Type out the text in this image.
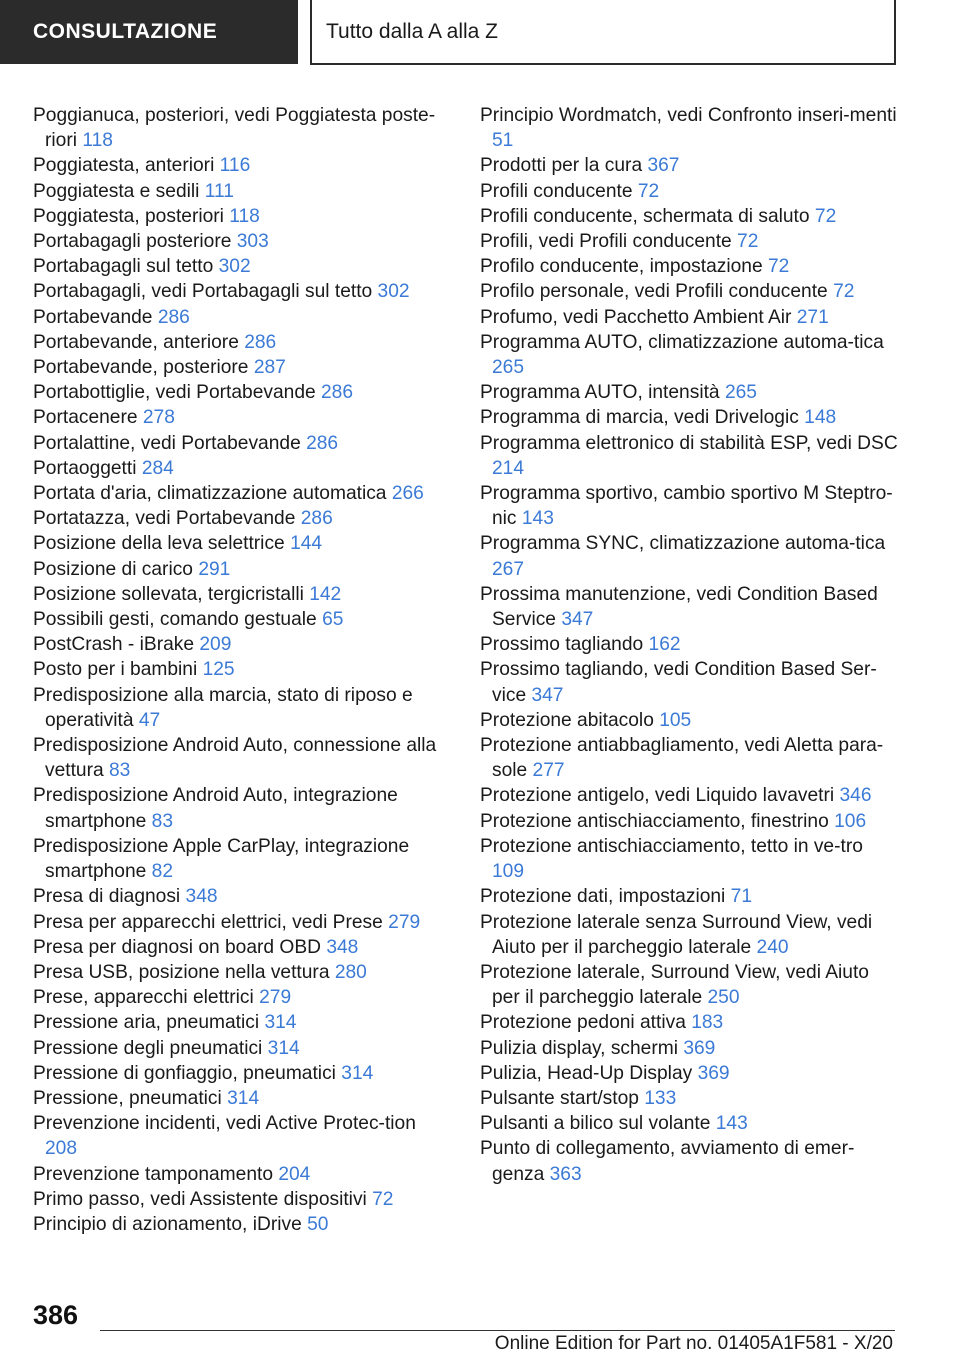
CONSULTAZIONE	Tutto dalla A alla Z
Poggianuca, posteriori, vedi Poggiatesta poste-riori 118
Poggiatesta, anteriori 116
Poggiatesta e sedili 111
Poggiatesta, posteriori 118
Portabagagli posteriore 303
Portabagagli sul tetto 302
Portabagagli, vedi Portabagagli sul tetto 302
Portabevande 286
Portabevande, anteriore 286
Portabevande, posteriore 287
Portabottiglie, vedi Portabevande 286
Portacenere 278
Portalattine, vedi Portabevande 286
Portaoggetti 284
Portata d'aria, climatizzazione automatica 266
Portatazza, vedi Portabevande 286
Posizione della leva selettrice 144
Posizione di carico 291
Posizione sollevata, tergicristalli 142
Possibili gesti, comando gestuale 65
PostCrash - iBrake 209
Posto per i bambini 125
Predisposizione alla marcia, stato di riposo e operatività 47
Predisposizione Android Auto, connessione alla vettura 83
Predisposizione Android Auto, integrazione smartphone 83
Predisposizione Apple CarPlay, integrazione smartphone 82
Presa di diagnosi 348
Presa per apparecchi elettrici, vedi Prese 279
Presa per diagnosi on board OBD 348
Presa USB, posizione nella vettura 280
Prese, apparecchi elettrici 279
Pressione aria, pneumatici 314
Pressione degli pneumatici 314
Pressione di gonfiaggio, pneumatici 314
Pressione, pneumatici 314
Prevenzione incidenti, vedi Active Protec-tion 208
Prevenzione tamponamento 204
Primo passo, vedi Assistente dispositivi 72
Principio di azionamento, iDrive 50
Principio Wordmatch, vedi Confronto inseri-menti 51
Prodotti per la cura 367
Profili conducente 72
Profili conducente, schermata di saluto 72
Profili, vedi Profili conducente 72
Profilo conducente, impostazione 72
Profilo personale, vedi Profili conducente 72
Profumo, vedi Pacchetto Ambient Air 271
Programma AUTO, climatizzazione automa-tica 265
Programma AUTO, intensità 265
Programma di marcia, vedi Drivelogic 148
Programma elettronico di stabilità ESP, vedi DSC 214
Programma sportivo, cambio sportivo M Steptro-nic 143
Programma SYNC, climatizzazione automa-tica 267
Prossima manutenzione, vedi Condition Based Service 347
Prossimo tagliando 162
Prossimo tagliando, vedi Condition Based Ser-vice 347
Protezione abitacolo 105
Protezione antiabbagliamento, vedi Aletta para-sole 277
Protezione antigelo, vedi Liquido lavavetri 346
Protezione antischiacciamento, finestrino 106
Protezione antischiacciamento, tetto in ve-tro 109
Protezione dati, impostazioni 71
Protezione laterale senza Surround View, vedi Aiuto per il parcheggio laterale 240
Protezione laterale, Surround View, vedi Aiuto per il parcheggio laterale 250
Protezione pedoni attiva 183
Pulizia display, schermi 369
Pulizia, Head-Up Display 369
Pulsante start/stop 133
Pulsanti a bilico sul volante 143
Punto di collegamento, avviamento di emer-genza 363
386
Online Edition for Part no. 01405A1F581 - X/20
